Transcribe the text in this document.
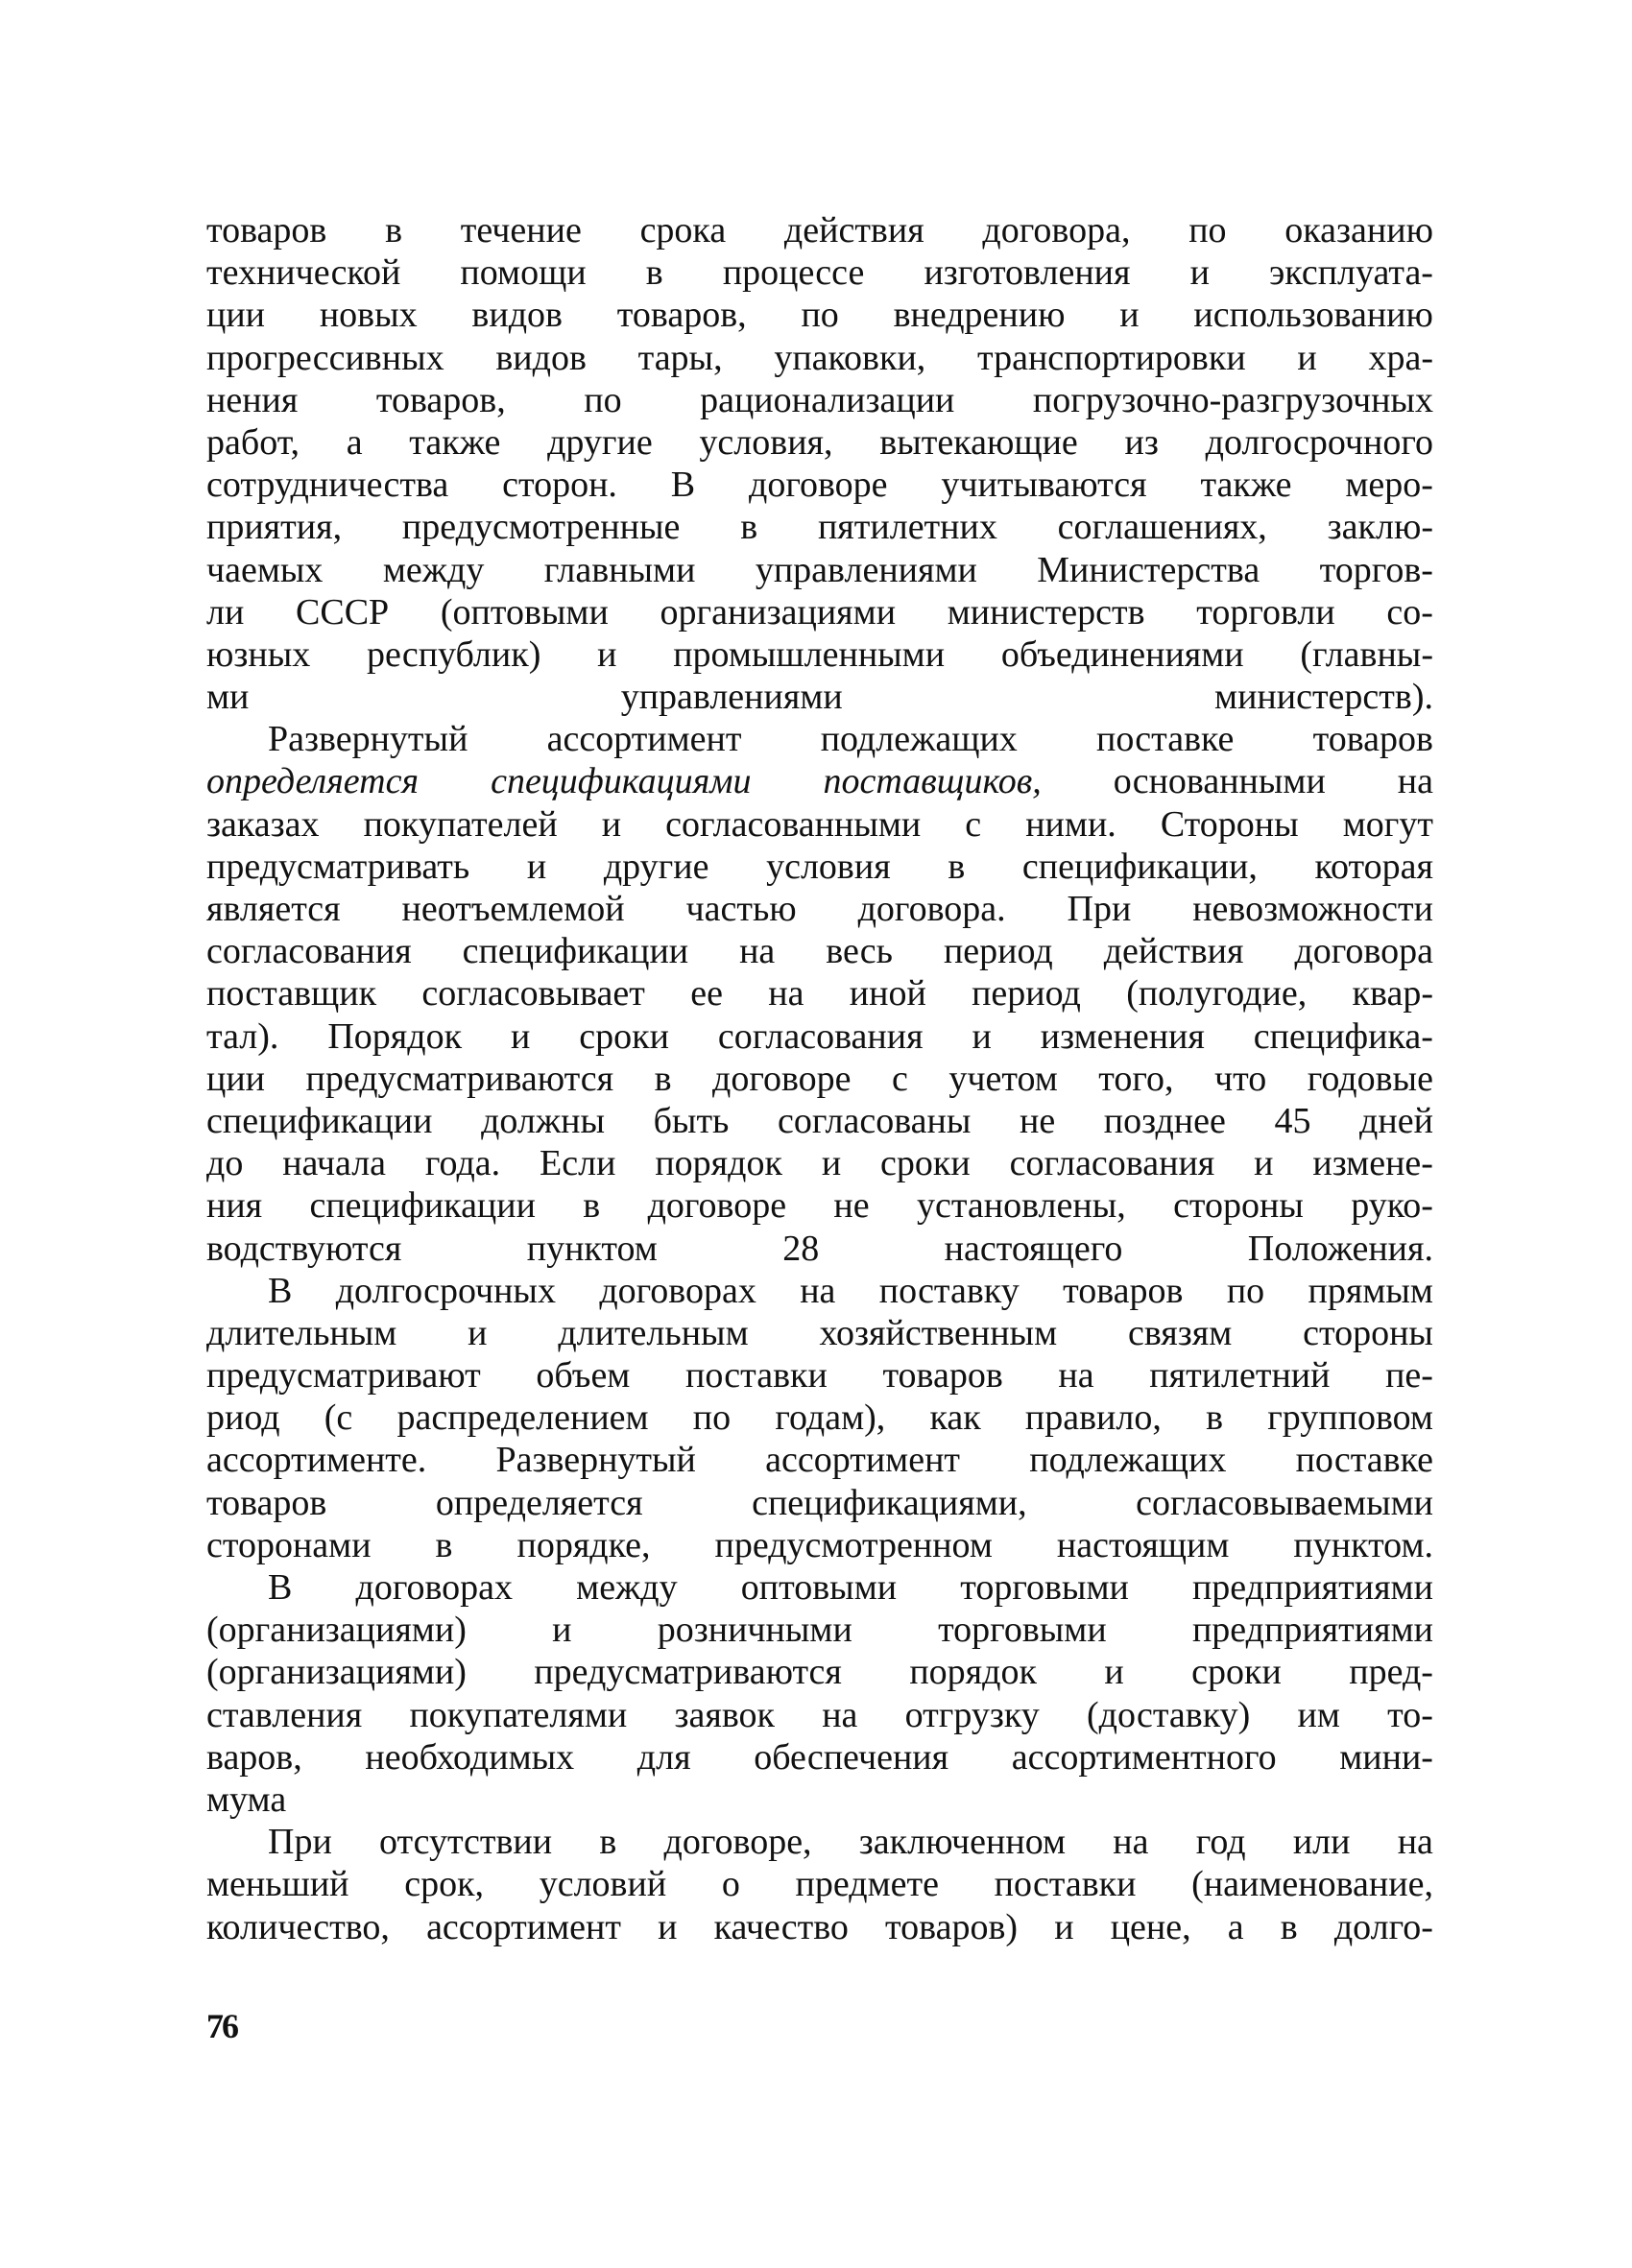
товаров в течение срока действия договора, по оказанию
технической помощи в процессе изготовления и эксплуата-
ции новых видов товаров, по внедрению и использованию
прогрессивных видов тары, упаковки, транспортировки и хра-
нения товаров, по рационализации погрузочно-разгрузочных
работ, а также другие условия, вытекающие из долгосрочного
сотрудничества сторон. В договоре учитываются также меро-
приятия, предусмотренные в пятилетних соглашениях, заклю-
чаемых между главными управлениями Министерства торгов-
ли СССР (оптовыми организациями министерств торговли со-
юзных республик) и промышленными объединениями (главны-
ми управлениями министерств).
Развернутый ассортимент подлежащих поставке товаров
определяется спецификациями поставщиков, основанными на
заказах покупателей и согласованными с ними. Стороны могут
предусматривать и другие условия в спецификации, которая
является неотъемлемой частью договора. При невозможности
согласования спецификации на весь период действия договора
поставщик согласовывает ее на иной период (полугодие, квар-
тал). Порядок и сроки согласования и изменения специфика-
ции предусматриваются в договоре с учетом того, что годовые
спецификации должны быть согласованы не позднее 45 дней
до начала года. Если порядок и сроки согласования и измене-
ния спецификации в договоре не установлены, стороны руко-
водствуются пунктом 28 настоящего Положения.
В долгосрочных договорах на поставку товаров по прямым
длительным и длительным хозяйственным связям стороны
предусматривают объем поставки товаров на пятилетний пе-
риод (с распределением по годам), как правило, в групповом
ассортименте. Развернутый ассортимент подлежащих поставке
товаров	определяется	спецификациями,	согласовываемыми
сторонами в порядке, предусмотренном настоящим пунктом.
В договорах между оптовыми торговыми предприятиями
(организациями) и розничными торговыми предприятиями
(организациями) предусматриваются порядок и сроки пред-
ставления покупателями заявок на отгрузку (доставку) им то-
варов, необходимых для обеспечения ассортиментного мини-
мума
При отсутствии в договоре, заключенном на год или на
меньший срок, условий о предмете поставки (наименование,
количество, ассортимент и качество товаров) и цене, а в долго-
76
